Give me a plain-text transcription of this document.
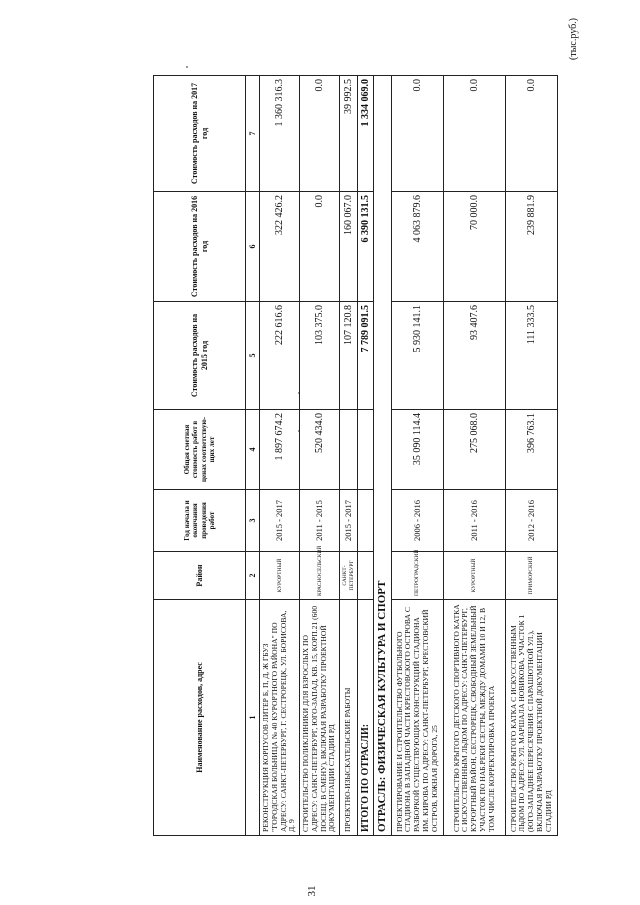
31
(тыс.руб.)
Наименование расходов, адрес	Район	Год начала и окончания проведения работ	Общая сметная стоимость работ в ценах соответствую-щих лет	Стоимость расходов на 2015 год	Стоимость расходов на 2016 год	Стоимость расходов на 2017 год
1	2	3	4	5	6	7
РЕКОНСТРУКЦИЯ КОРПУСОВ ЛИТЕР Б, П, Д, Ж ГБУЗ "ГОРОДСКАЯ БОЛЬНИЦА № 40 КУРОРТНОГО РАЙОНА" ПО АДРЕСУ: САНКТ-ПЕТЕРБУРГ, Г. СЕСТРОРЕЦК, УЛ. БОРИСОВА, Д. 9	КУРОРТНЫЙ	2015 - 2017	1 897 674.2	222 616.6	322 426.2	1 360 316.3
СТРОИТЕЛЬСТВО ПОЛИКЛИНИКИ ДЛЯ ВЗРОСЛЫХ ПО АДРЕСУ: САНКТ-ПЕТЕРБУРГ, ЮГО-ЗАПАД, КВ. 15, КОРП.21 (600 ПОСЕЩ. В СМЕНУ), ВКЛЮЧАЯ РАЗРАБОТКУ ПРОЕКТНОЙ ДОКУМЕНТАЦИИ СТАДИИ РД	КРАСНОСЕЛЬСКИЙ	2011 - 2015	520 434.0	103 375.0	0.0	0.0
ПРОЕКТНО-ИЗЫСКАТЕЛЬСКИЕ РАБОТЫ	САНКТ-ПЕТЕРБУРГ	2015 - 2017		107 120.8	160 067.0	39 992.5
ИТОГО ПО ОТРАСЛИ:				7 789 091.5	6 390 131.5	1 334 069.0
ОТРАСЛЬ: ФИЗИЧЕСКАЯ КУЛЬТУРА И СПОРТ						
ПРОЕКТИРОВАНИЕ И СТРОИТЕЛЬСТВО ФУТБОЛЬНОГО СТАДИОНА В ЗАПАДНОЙ ЧАСТИ КРЕСТОВСКОГО ОСТРОВА С РАЗБОРКОЙ СУЩЕСТВУЮЩИХ КОНСТРУКЦИЙ СТАДИОНА ИМ. КИРОВА ПО АДРЕСУ: САНКТ-ПЕТЕРБУРГ, КРЕСТОВСКИЙ ОСТРОВ, ЮЖНАЯ ДОРОГА, 25	ПЕТРОГРАДСКИЙ	2006 - 2016	35 090 114.4	5 930 141.1	4 063 879.6	0.0
СТРОИТЕЛЬСТВО КРЫТОГО ДЕТСКОГО СПОРТИВНОГО КАТКА С ИСКУССТВЕННЫМ ЛЬДОМ ПО АДРЕСУ: САНКТ-ПЕТЕРБУРГ, КУРОРТНЫЙ РАЙОН, СЕСТРОРЕЦК, СВОБОДНЫЙ ЗЕМЕЛЬНЫЙ УЧАСТОК ПО НАБ.РЕКИ СЕСТРЫ, МЕЖДУ ДОМАМИ 10 И 12, В ТОМ ЧИСЛЕ КОРРЕКТИРОВКА ПРОЕКТА	КУРОРТНЫЙ	2011 - 2016	275 068.0	93 407.6	70 000.0	0.0
СТРОИТЕЛЬСТВО КРЫТОГО КАТКА С ИСКУССТВЕННЫМ ЛЬДОМ ПО АДРЕСУ: УЛ. МАРШАЛА НОВИКОВА, УЧАСТОК 1 (ЮГО-ЗАПАДНЕЕ ПЕРЕСЕЧЕНИЯ С ПАРАШЮТНОЙ УЛ.), ВКЛЮЧАЯ РАЗРАБОТКУ ПРОЕКТНОЙ ДОКУМЕНТАЦИИ СТАДИИ РД	ПРИМОРСКИЙ	2012 - 2016	396 763.1	111 333.5	239 881.9	0.0
